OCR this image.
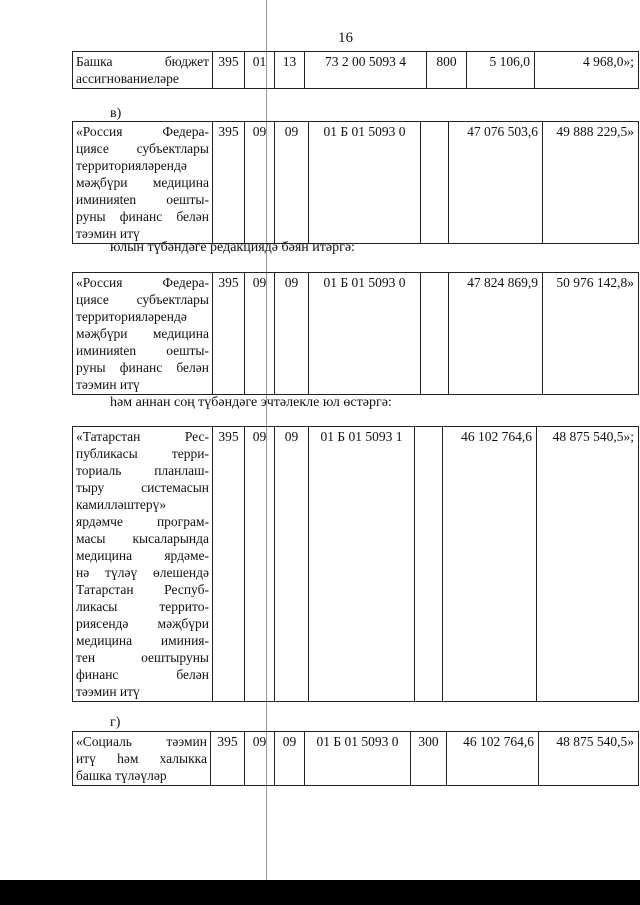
16
Башка бюджет
ассигнованиеләре
	395	01	13	73 2 00 5093 4	800	5 106,0	4 968,0»;
в)
«Россия Федера-
циясе субъектлары
территорияләрендә
мәҗбүри медицина
иминияten оешты-
руны финанс белән
тәэмин итү
	395	09	09	01 Б 01 5093 0		47 076 503,6	49 888 229,5»
юлын түбәндәге редакциядә бәян итәргә:
«Россия Федера-
циясе субъектлары
территорияләрендә
мәҗбүри медицина
иминияten оешты-
руны финанс белән
тәэмин итү
	395	09	09	01 Б 01 5093 0		47 824 869,9	50 976 142,8»
һәм аннан соң түбәндәге эчтәлекле юл өстәргә:
«Татарстан Рес-
публикасы терри-
ториаль планлаш-
тыру системасын
камилләштерү»
ярдәмче програм-
масы кысаларында
медицина ярдәме-
нә түләү өлешендә
Татарстан Респуб-
ликасы террито-
риясендә мәҗбүри
медицина иминия-
тен оештыруны
финанс белән
тәэмин итү
	395	09	09	01 Б 01 5093 1		46 102 764,6	48 875 540,5»;
г)
«Социаль тәэмин
итү һәм халыкка
башка түләүләр
	395	09	09	01 Б 01 5093 0	300	46 102 764,6	48 875 540,5»
